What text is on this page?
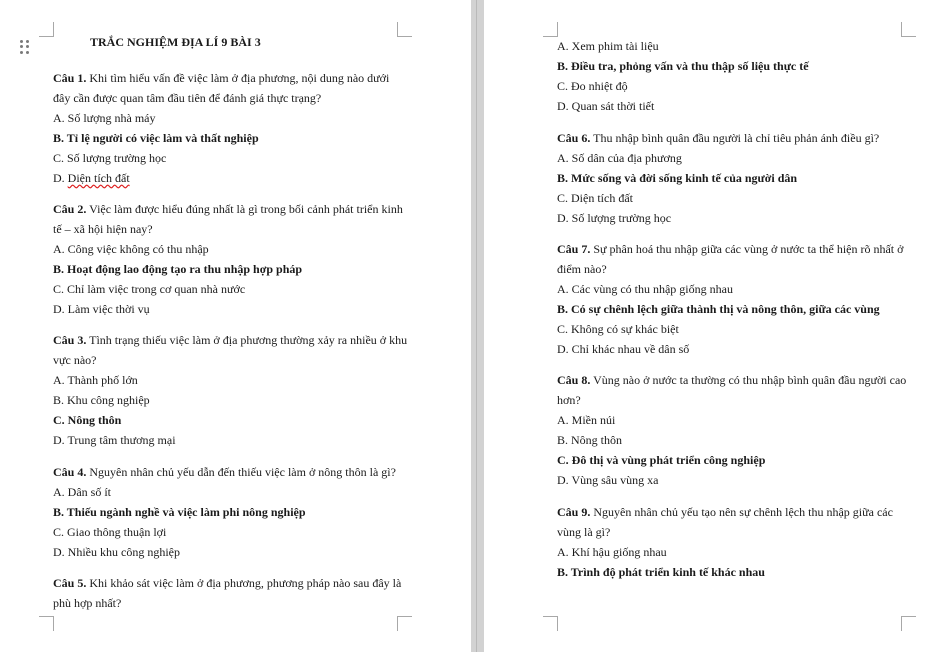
TRẮC NGHIỆM ĐỊA LÍ 9 BÀI 3
Câu 1. Khi tìm hiểu vấn đề việc làm ở địa phương, nội dung nào dưới
đây cần được quan tâm đầu tiên để đánh giá thực trạng?
A. Số lượng nhà máy
B. Tỉ lệ người có việc làm và thất nghiệp
C. Số lượng trường học
D. Diện tích đất
Câu 2. Việc làm được hiểu đúng nhất là gì trong bối cảnh phát triển kinh
tế – xã hội hiện nay?
A. Công việc không có thu nhập
B. Hoạt động lao động tạo ra thu nhập hợp pháp
C. Chỉ làm việc trong cơ quan nhà nước
D. Làm việc thời vụ
Câu 3. Tình trạng thiếu việc làm ở địa phương thường xảy ra nhiều ở khu
vực nào?
A. Thành phố lớn
B. Khu công nghiệp
C. Nông thôn
D. Trung tâm thương mại
Câu 4. Nguyên nhân chủ yếu dẫn đến thiếu việc làm ở nông thôn là gì?
A. Dân số ít
B. Thiếu ngành nghề và việc làm phi nông nghiệp
C. Giao thông thuận lợi
D. Nhiều khu công nghiệp
Câu 5. Khi khảo sát việc làm ở địa phương, phương pháp nào sau đây là
phù hợp nhất?
A. Xem phim tài liệu
B. Điều tra, phỏng vấn và thu thập số liệu thực tế
C. Đo nhiệt độ
D. Quan sát thời tiết
Câu 6. Thu nhập bình quân đầu người là chỉ tiêu phản ánh điều gì?
A. Số dân của địa phương
B. Mức sống và đời sống kinh tế của người dân
C. Diện tích đất
D. Số lượng trường học
Câu 7. Sự phân hoá thu nhập giữa các vùng ở nước ta thể hiện rõ nhất ở
điểm nào?
A. Các vùng có thu nhập giống nhau
B. Có sự chênh lệch giữa thành thị và nông thôn, giữa các vùng
C. Không có sự khác biệt
D. Chỉ khác nhau về dân số
Câu 8. Vùng nào ở nước ta thường có thu nhập bình quân đầu người cao
hơn?
A. Miền núi
B. Nông thôn
C. Đô thị và vùng phát triển công nghiệp
D. Vùng sâu vùng xa
Câu 9. Nguyên nhân chủ yếu tạo nên sự chênh lệch thu nhập giữa các
vùng là gì?
A. Khí hậu giống nhau
B. Trình độ phát triển kinh tế khác nhau
